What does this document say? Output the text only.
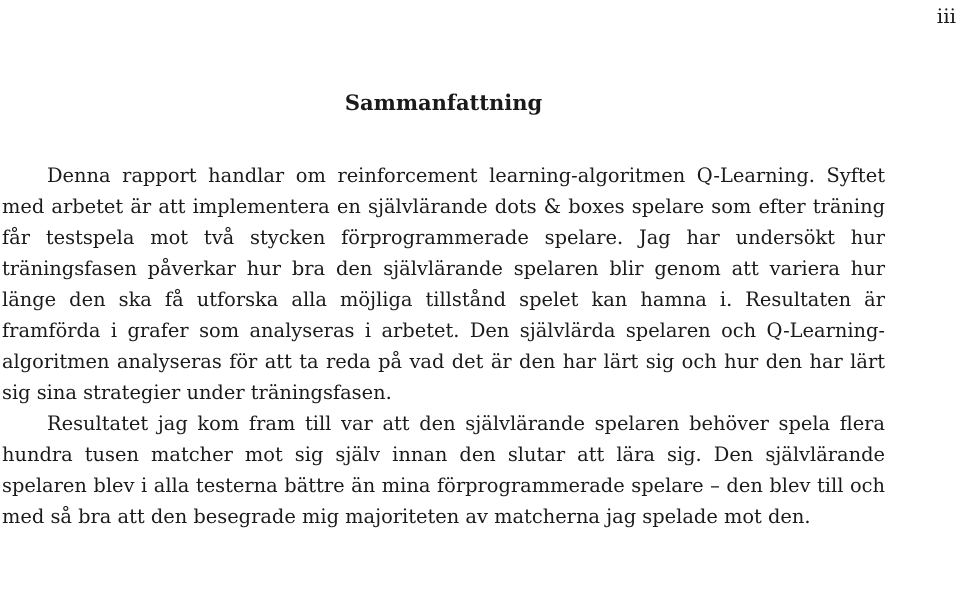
iii
Sammanfattning

Denna rapport handlar om reinforcement learning-algoritmen Q-Learning. Syftet med arbetet är att implementera en självlärande dots & boxes spelare som efter träning får testspela mot två stycken förprogrammerade spelare. Jag har undersökt hur träningsfasen påverkar hur bra den självlärande spelaren blir genom att variera hur länge den ska få utforska alla möjliga tillstånd spelet kan hamna i. Resultaten är framförda i grafer som analyseras i arbetet. Den självlärda spelaren och Q-Learning-algoritmen analyseras för att ta reda på vad det är den har lärt sig och hur den har lärt sig sina strategier under träningsfasen.

Resultatet jag kom fram till var att den självlärande spelaren behöver spela flera hundra tusen matcher mot sig själv innan den slutar att lära sig. Den självlärande spelaren blev i alla testerna bättre än mina förprogrammerade spelare – den blev till och med så bra att den besegrade mig majoriteten av matcherna jag spelade mot den.
